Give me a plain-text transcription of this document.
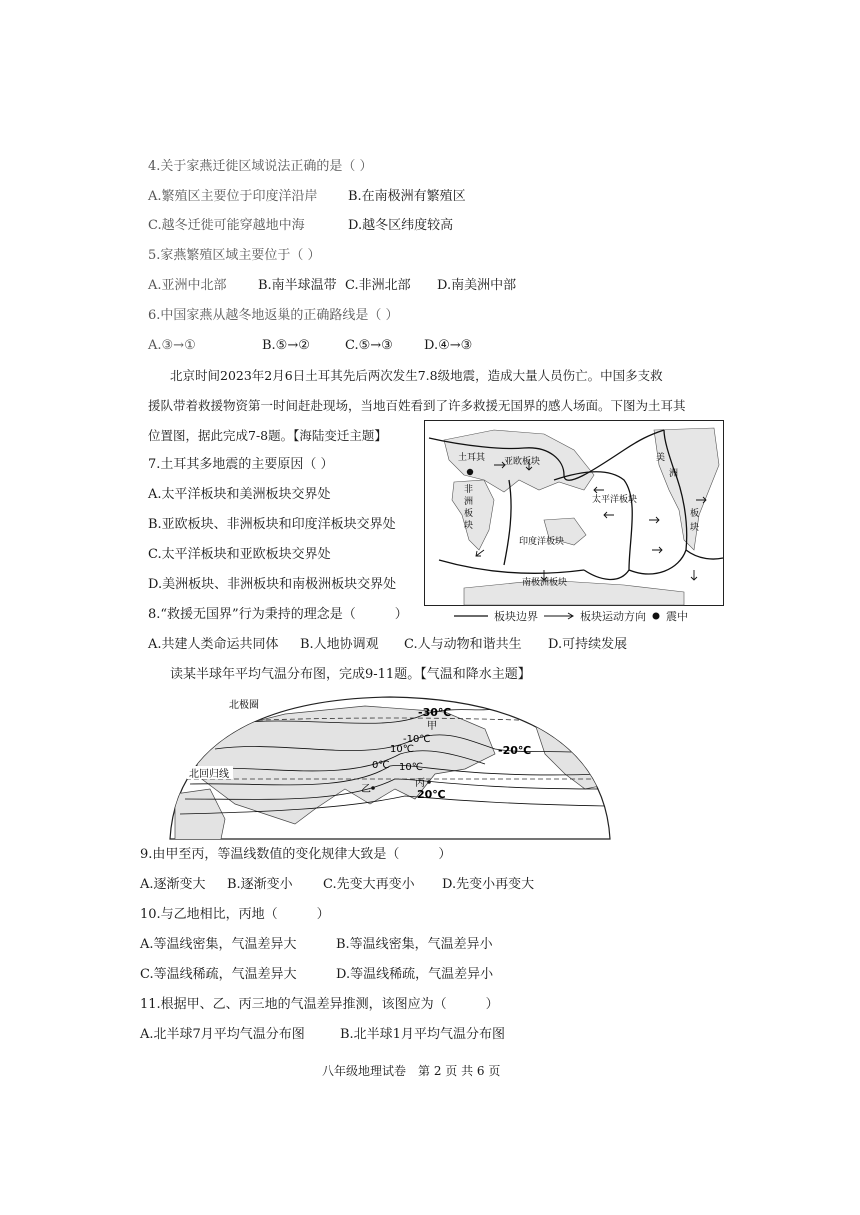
4.关于家燕迁徙区域说法正确的是（ ）
A.繁殖区主要位于印度洋沿岸 B.在南极洲有繁殖区
C.越冬迁徙可能穿越地中海	D.越冬区纬度较高
5.家燕繁殖区域主要位于（ ）
A.亚洲中北部 B.南半球温带 C.非洲北部 D.南美洲中部
6.中国家燕从越冬地返巢的正确路线是（ ）
A.③→①	B.⑤→②	C.⑤→③ D.④→③
北京时间2023年2月6日土耳其先后两次发生7.8级地震，造成大量人员伤亡。中国多支救
援队带着救援物资第一时间赶赴现场，当地百姓看到了许多救援无国界的感人场面。下图为土耳其
位置图，据此完成7-8题。【海陆变迁主题】
7.土耳其多地震的主要原因（ ）
A.太平洋板块和美洲板块交界处
B.亚欧板块、非洲板块和印度洋板块交界处
C.太平洋板块和亚欧板块交界处
D.美洲板块、非洲板块和南极洲板块交界处
土耳其 亚欧板块
非
洲
板
块
美
洲
板
块
太平洋板块
印度洋板块
南极洲板块
8.“救援无国界”行为秉持的理念是（　　　）	板块边界	板块运动方向 震中
A.共建人类命运共同体 B.人地协调观 C.人与动物和谐共生 D.可持续发展
读某半球年平均气温分布图，完成9-11题。【气温和降水主题】
北极圈
北回归线
-30℃
甲
-20℃
-10℃
10℃
0℃ 10℃
丙
20℃
乙
9.由甲至丙，等温线数值的变化规律大致是（　　　）
A.逐渐变大 B.逐渐变小 C.先变大再变小 D.先变小再变大
10.与乙地相比，丙地（　　　）
A.等温线密集，气温差异大	B.等温线密集，气温差异小
C.等温线稀疏，气温差异大	D.等温线稀疏，气温差异小
11.根据甲、乙、丙三地的气温差异推测，该图应为（　　　）
A.北半球7月平均气温分布图	B.北半球1月平均气温分布图
八年级地理试卷　第 2 页 共 6 页
